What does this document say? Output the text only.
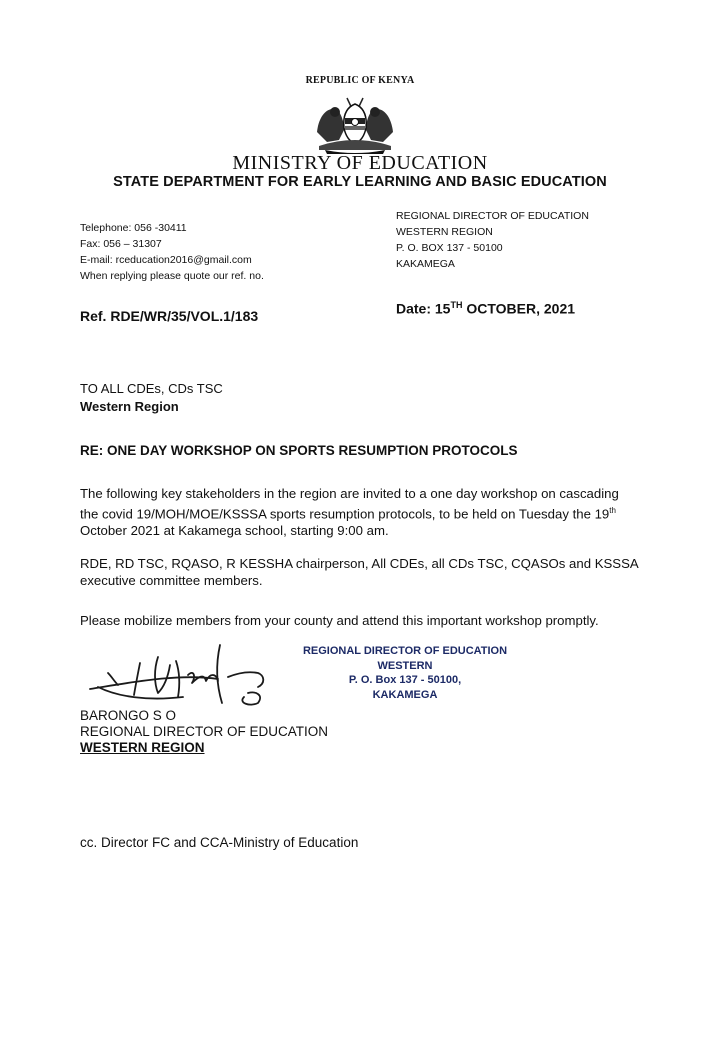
REPUBLIC OF KENYA
MINISTRY OF EDUCATION
STATE DEPARTMENT FOR EARLY LEARNING AND BASIC EDUCATION
Telephone: 056 -30411
Fax: 056 – 31307
E-mail: rceducation2016@gmail.com
When replying please quote our ref. no.
REGIONAL DIRECTOR OF EDUCATION
WESTERN REGION
P. O. BOX 137 - 50100
KAKAMEGA
Ref. RDE/WR/35/VOL.1/183	Date: 15TH OCTOBER, 2021
TO ALL CDEs, CDs TSC
Western Region
RE: ONE DAY WORKSHOP ON SPORTS RESUMPTION PROTOCOLS
The following key stakeholders in the region are invited to a one day workshop on cascading the covid 19/MOH/MOE/KSSSA sports resumption protocols, to be held on Tuesday the 19th October 2021 at Kakamega school, starting 9:00 am.
RDE, RD TSC, RQASO, R KESSHA chairperson, All CDEs, all CDs TSC, CQASOs and KSSSA executive committee members.
Please mobilize members from your county and attend this important workshop promptly.
REGIONAL DIRECTOR OF EDUCATION
WESTERN
P. O. Box 137 - 50100,
KAKAMEGA
BARONGO S O
REGIONAL DIRECTOR OF EDUCATION
WESTERN REGION
cc. Director FC and CCA-Ministry of Education
